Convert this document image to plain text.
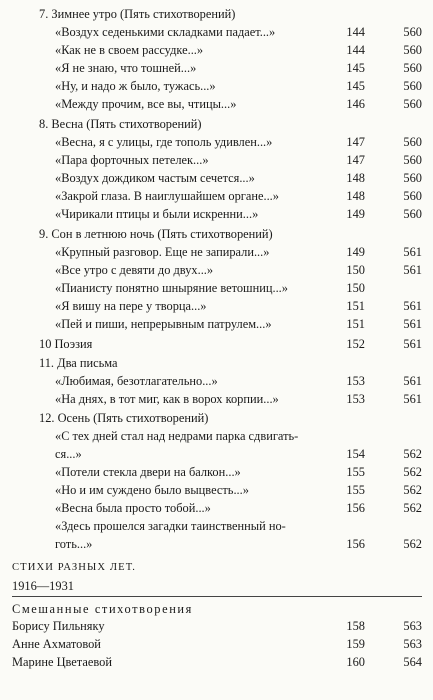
7. Зимнее утро (Пять стихотворений)
«Воздух седенькими складками падает...»	144	560
«Как не в своем рассудке...»	144	560
«Я не знаю, что тошней...»	145	560
«Ну, и надо ж было, тужась...»	145	560
«Между прочим, все вы, чтицы...»	146	560
8. Весна (Пять стихотворений)
«Весна, я с улицы, где тополь удивлен...»	147	560
«Пара форточных петелек...»	147	560
«Воздух дождиком частым сечется...»	148	560
«Закрой глаза. В наиглушайшем органе...»	148	560
«Чирикали птицы и были искренни...»	149	560
9. Сон в летнюю ночь (Пять стихотворений)
«Крупный разговор. Еще не запирали...»	149	561
«Все утро с девяти до двух...»	150	561
«Пианисту понятно шныряние ветошниц...»	150
«Я вишу на пере у творца...»	151	561
«Пей и пиши, непрерывным патрулем...»	151	561
10 Поэзия	152	561
11. Два письма
«Любимая, безотлагательно...»	153	561
«На днях, в тот миг, как в ворох корпии...»	153	561
12. Осень (Пять стихотворений)
«С тех дней стал над недрами парка сдвигать-
ся...»	154	562
«Потели стекла двери на балкон...»	155	562
«Но и им суждено было выцвесть...»	155	562
«Весна была просто тобой...»	156	562
«Здесь прошелся загадки таинственный но-
готь...»	156	562
СТИХИ РАЗНЫХ ЛЕТ.
1916—1931
Смешанные стихотворения
Борису Пильняку	158	563
Анне Ахматовой	159	563
Марине Цветаевой	160	564
